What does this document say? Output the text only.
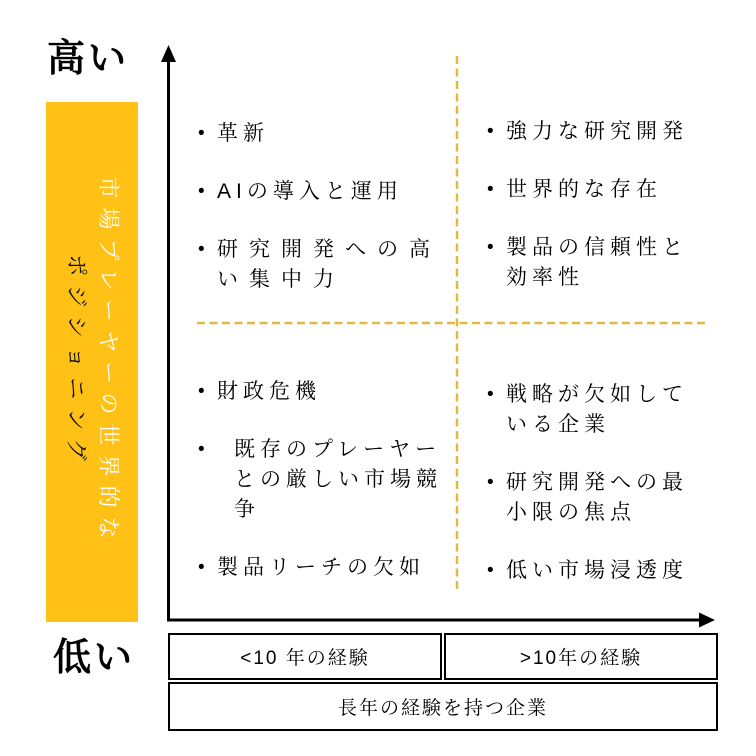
高い
低い
市場プレーヤーの世界的な
ポジショニング
• 革新
• AIの導入と運用
• 研究開発への高
い集中力
• 強力な研究開発
• 世界的な存在
• 製品の信頼性と
効率性
• 財政危機
• 既存のプレーヤー
との厳しい市場競
争
• 製品リーチの欠如
• 戦略が欠如して
いる企業
• 研究開発への最
小限の焦点
• 低い市場浸透度
<10 年の経験	>10年の経験
長年の経験を持つ企業
